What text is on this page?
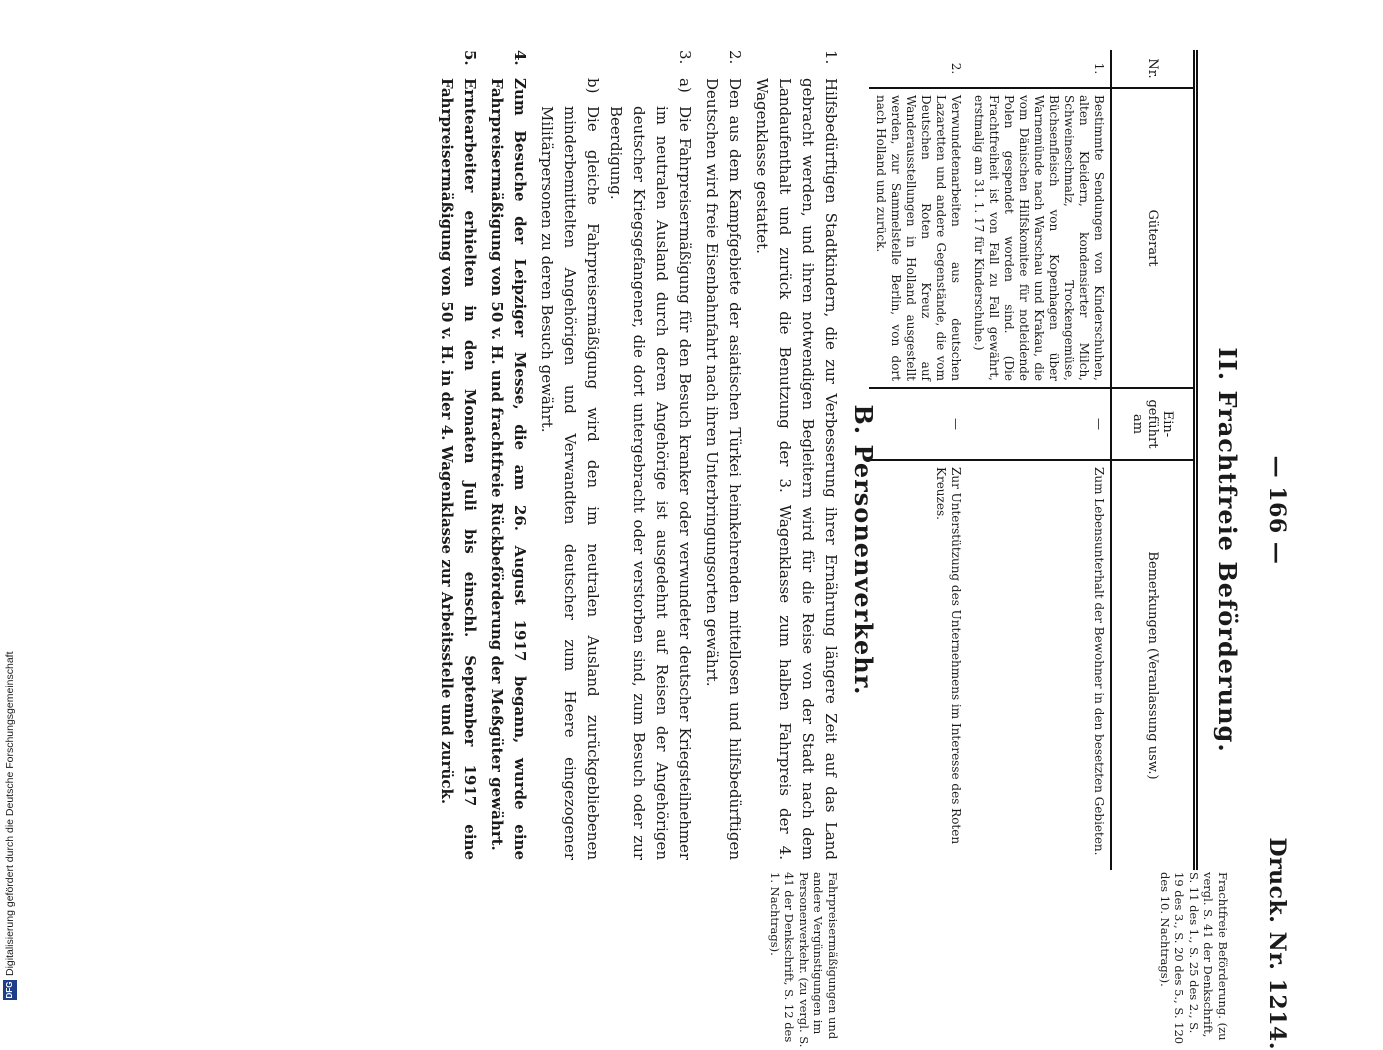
— 166 —
Druck. Nr. 1214.
II. Frachtfreie Beförderung.
Frachtfreie Beförderung. (zu vergl. S. 41 der Denkschrift, S. 11 des 1., S. 25 des 2., S. 19 des 3., S. 20 des 5., S. 120 des 10. Nachtrags).
Nr.	Güterart	Ein-geführt am	Bemerkungen (Veranlassung usw.)
1.	Bestimmte Sendungen von Kinderschuhen, alten Kleidern, kondensierter Milch, Schweineschmalz, Trockengemüse, Büchsenfleisch von Kopenhagen über Warnemünde nach Warschau und Krakau, die vom Dänischen Hilfskomitee für notleidende Polen gespendet worden sind. (Die Frachtfreiheit ist von Fall zu Fall gewährt, erstmalig am 31. 1. 17 für Kinderschuhe.)	—	Zum Lebensunterhalt der Bewohner in den besetzten Gebieten.
2.	Verwundetenarbeiten aus deutschen Lazaretten und andere Gegenstände, die vom Deutschen Roten Kreuz auf Wanderausstellungen in Holland ausgestellt werden, zur Sammelstelle Berlin, von dort nach Holland und zurück.	—	Zur Unterstützung des Unternehmens im Interesse des Roten Kreuzes.
B. Personenverkehr.
Fahrpreisermäßigungen und andere Vergünstigungen im Personenverkehr. (zu vergl. S. 41 der Denkschrift, S. 12 des 1. Nachtrags).
1.
Hilfsbedürftigen Stadtkindern, die zur Verbesserung ihrer Ernährung längere Zeit auf das Land gebracht werden, und ihren notwendigen Begleitern wird für die Reise von der Stadt nach dem Landaufenthalt und zurück die Benutzung der 3. Wagenklasse zum halben Fahrpreis der 4. Wagenklasse gestattet.
2.
Den aus dem Kampfgebiete der asiatischen Türkei heimkehrenden mittellosen und hilfsbedürftigen Deutschen wird freie Eisenbahnfahrt nach ihren Unterbringungsorten gewährt.
3.
a)
Die Fahrpreisermäßigung für den Besuch kranker oder verwundeter deutscher Kriegsteilnehmer im neutralen Ausland durch deren Angehörige ist ausgedehnt auf Reisen der Angehörigen deutscher Kriegsgefangener, die dort untergebracht oder verstorben sind, zum Besuch oder zur Beerdigung.
b)
Die gleiche Fahrpreisermäßigung wird den im neutralen Ausland zurückgebliebenen minderbemittelten Angehörigen und Verwandten deutscher zum Heere eingezogener Militärpersonen zu deren Besuch gewährt.
4.
Zum Besuche der Leipziger Messe, die am 26. August 1917 begann, wurde eine Fahrpreisermäßigung von 50 v. H. und frachtfreie Rückbeförderung der Meßgüter gewährt.
5.
Erntearbeiter erhielten in den Monaten Juli bis einschl. September 1917 eine Fahrpreisermäßigung von 50 v. H. in der 4. Wagenklasse zur Arbeitsstelle und zurück.
DFG
Digitalisierung gefördert durch die Deutsche Forschungsgemeinschaft
